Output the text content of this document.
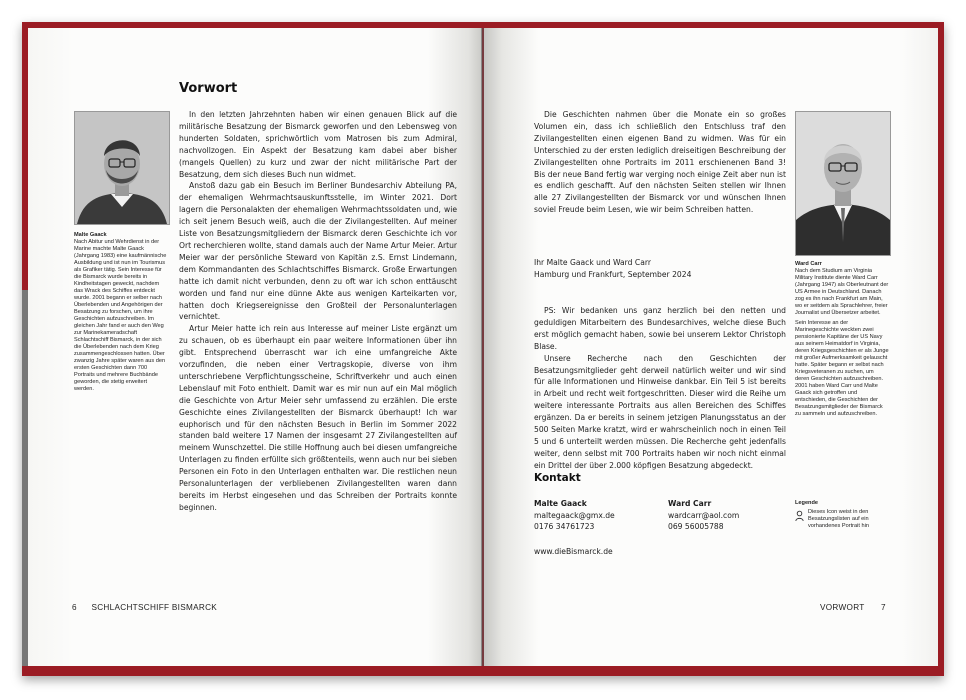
Vorwort
Malte Gaack
Nach Abitur und Wehrdienst in der Marine machte Malte Gaack (Jahrgang 1983) eine kaufmännische Ausbildung und ist nun im Tourismus als Grafiker tätig. Sein Interesse für die Bismarck wurde bereits in Kindheitstagen geweckt, nachdem das Wrack des Schiffes entdeckt wurde. 2001 begann er selber nach Überlebenden und Angehörigen der Besatzung zu forschen, um ihre Geschichten aufzuschreiben. Im gleichen Jahr fand er auch den Weg zur Marinekameradschaft Schlachtschiff Bismarck, in der sich die Überlebenden nach dem Krieg zusammengeschlossen hatten. Über zwanzig Jahre später waren aus den ersten Geschichten dann 700 Portraits und mehrere Buchbände geworden, die stetig erweitert werden.

In den letzten Jahrzehnten haben wir einen genauen Blick auf die militärische Besatzung der Bismarck geworfen und den Lebensweg von hunderten Soldaten, sprichwörtlich vom Matrosen bis zum Admiral, nachvollzogen. Ein Aspekt der Besatzung kam dabei aber bisher (mangels Quellen) zu kurz und zwar der nicht militärische Part der Besatzung, dem sich dieses Buch nun widmet.

Anstoß dazu gab ein Besuch im Berliner Bundesarchiv Abteilung PA, der ehemaligen Wehrmachtsauskunftsstelle, im Winter 2021. Dort lagern die Personalakten der ehemaligen Wehrmachtssoldaten und, wie ich seit jenem Besuch weiß, auch die der Zivilangestellten. Auf meiner Liste von Besatzungsmitgliedern der Bismarck deren Geschichte ich vor Ort recherchieren wollte, stand damals auch der Name Artur Meier. Artur Meier war der persönliche Steward von Kapitän z.S. Ernst Lindemann, dem Kommandanten des Schlachtschiffes Bismarck. Große Erwartungen hatte ich damit nicht verbunden, denn zu oft war ich schon enttäuscht worden und fand nur eine dünne Akte aus wenigen Karteikarten vor, hatten doch Kriegsereignisse den Großteil der Personalunterlagen vernichtet.

Artur Meier hatte ich rein aus Interesse auf meiner Liste ergänzt um zu schauen, ob es überhaupt ein paar weitere Informationen über ihn gibt. Entsprechend überrascht war ich eine umfangreiche Akte vorzufinden, die neben einer Vertragskopie, diverse von ihm unterschriebene Verpflichtungsscheine, Schriftverkehr und auch einen Lebenslauf mit Foto enthielt. Damit war es mir nun auf ein Mal möglich die Geschichte von Artur Meier sehr umfassend zu erzählen. Die erste Geschichte eines Zivilangestellten der Bismarck überhaupt! Ich war euphorisch und für den nächsten Besuch in Berlin im Sommer 2022 standen bald weitere 17 Namen der insgesamt 27 Zivilangestellten auf meinem Wunschzettel. Die stille Hoffnung auch bei diesen umfangreiche Unterlagen zu finden erfüllte sich größtenteils, wenn auch nur bei sieben Personen ein Foto in den Unterlagen enthalten war. Die restlichen neun Personalunterlagen der verbliebenen Zivilangestellten waren dann bereits im Herbst eingesehen und das Schreiben der Portraits konnte beginnen.

6 SCHLACHTSCHIFF BISMARCK

Die Geschichten nahmen über die Monate ein so großes Volumen ein, dass ich schließlich den Entschluss traf den Zivilangestellten einen eigenen Band zu widmen. Was für ein Unterschied zu der ersten lediglich dreiseitigen Beschreibung der Zivilangestellten ohne Portraits im 2011 erschienenen Band 3! Bis der neue Band fertig war verging noch einige Zeit aber nun ist es endlich geschafft. Auf den nächsten Seiten stellen wir Ihnen alle 27 Zivilangestellten der Bismarck vor und wünschen Ihnen soviel Freude beim Lesen, wie wir beim Schreiben hatten.

Ihr Malte Gaack und Ward Carr

Hamburg und Frankfurt, September 2024

PS: Wir bedanken uns ganz herzlich bei den netten und geduldigen Mitarbeitern des Bundesarchives, welche diese Buch erst möglich gemacht haben, sowie bei unserem Lektor Christoph Blase.

Unsere Recherche nach den Geschichten der Besatzungsmitglieder geht derweil natürlich weiter und wir sind für alle Informationen und Hinweise dankbar. Ein Teil 5 ist bereits in Arbeit und recht weit fortgeschritten. Dieser wird die Reihe um weitere interessante Portraits aus allen Bereichen des Schiffes ergänzen. Da er bereits in seinem jetzigen Planungsstatus an der 500 Seiten Marke kratzt, wird er wahrscheinlich noch in einen Teil 5 und 6 unterteilt werden müssen. Die Recherche geht jedenfalls weiter, denn selbst mit 700 Portraits haben wir noch nicht einmal ein Drittel der über 2.000 köpfigen Besatzung abgedeckt.

Kontakt
Malte Gaack
maltegaack@gmx.de
0176 34761723
Ward Carr
wardcarr@aol.com
069 56005788
www.dieBismarck.de
Ward Carr
Nach dem Studium am Virginia Military Institute diente Ward Carr (Jahrgang 1947) als Oberleutnant der US Armee in Deutschland. Danach zog es ihn nach Frankfurt am Main, wo er seitdem als Sprachlehrer, freier Journalist und Übersetzer arbeitet.
Sein Interesse an der Marinegeschichte weckten zwei pensionierte Kapitäne der US Navy aus seinem Heimatdorf in Virginia, deren Kriegsgeschichten er als Junge mit großer Aufmerksamkeit gelauscht hatte. Später begann er selbst nach Kriegsveteranen zu suchen, um deren Geschichten aufzuschreiben. 2001 haben Ward Carr und Malte Gaack sich getroffen und entschieden, die Geschichten der Besatzungsmitglieder der Bismarck zu sammeln und aufzuschreiben.
Legende
Dieses Icon weist in den Besatzungslisten auf ein vorhandenes Portrait hin
VORWORT 7
